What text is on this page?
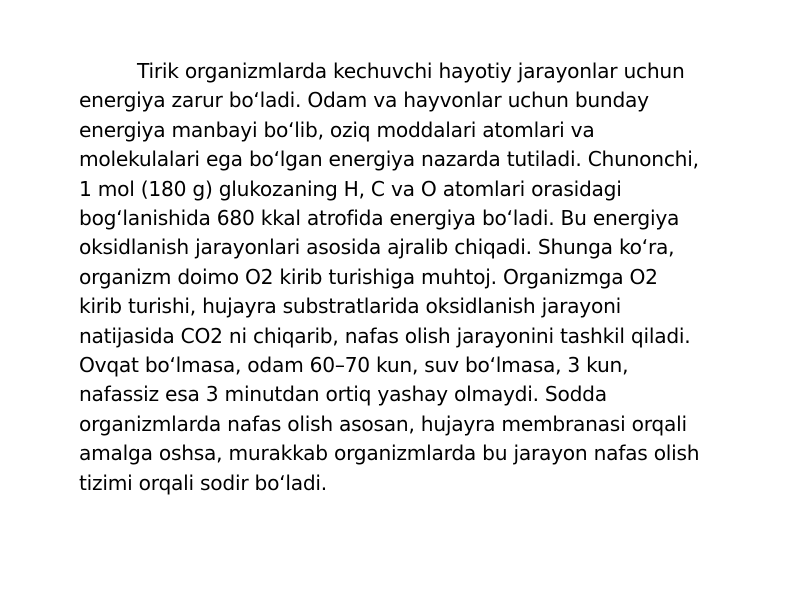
Tirik organizmlarda kechuvchi hayotiy jarayonlar uchun
energiya zarur boʻladi. Odam va hayvonlar uchun bunday
energiya manbayi boʻlib, oziq moddalari atomlari va
molekulalari ega boʻlgan energiya nazarda tutiladi. Chunonchi,
1 mol (180 g) glukozaning H, C va O atomlari orasidagi
bogʻlanishida 680 kkal atrofida energiya boʻladi. Bu energiya
oksidlanish jarayonlari asosida ajralib chiqadi. Shunga koʻra,
organizm doimo O2 kirib turishiga muhtoj. Organizmga O2
kirib turishi, hujayra substratlarida oksidlanish jarayoni
natijasida CO2 ni chiqarib, nafas olish jarayonini tashkil qiladi.
Ovqat boʻlmasa, odam 60–70 kun, suv boʻlmasa, 3 kun,
nafassiz esa 3 minutdan ortiq yashay olmaydi. Sodda
organizmlarda nafas olish asosan, hujayra membranasi orqali
amalga oshsa, murakkab organizmlarda bu jarayon nafas olish
tizimi orqali sodir boʻladi.
